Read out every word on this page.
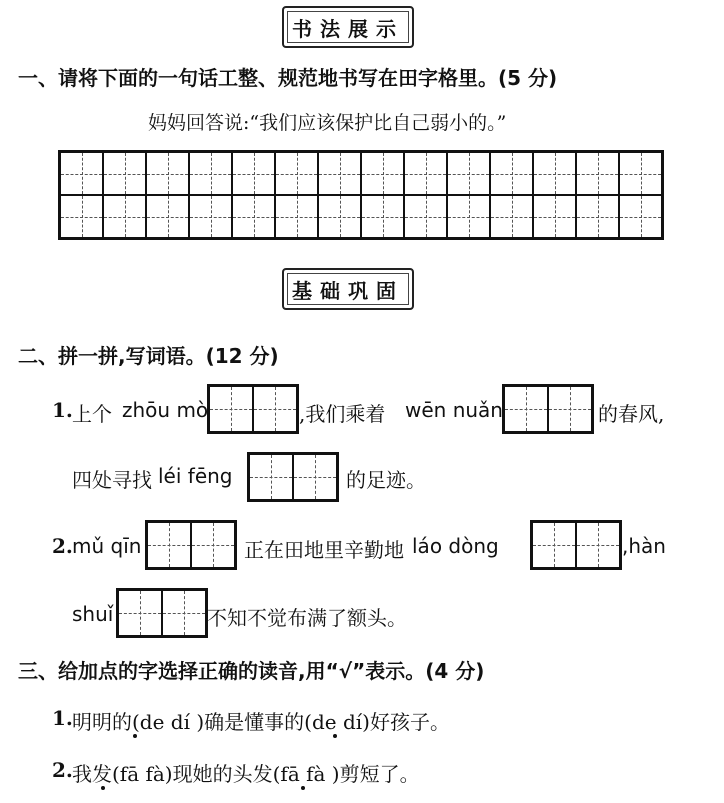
书法展示
一、请将下面的一句话工整、规范地书写在田字格里。(5 分)
妈妈回答说:“我们应该保护比自己弱小的。”
基础巩固
二、拼一拼,写词语。(12 分)
1. 上个 zhōu mò	,我们乘着 wēn nuǎn	的春风,
四处寻找 léi fēng	的足迹。
2. mǔ qīn	正在田地里辛勤地 láo dòng	,hàn
shuǐ	不知不觉布满了额头。
三、给加点的字选择正确的读音,用“√”表示。(4 分)
1. 明明的(de dí )确是懂事的(de dí)好孩子。
2. 我发(fā fà)现她的头发(fā fà )剪短了。
